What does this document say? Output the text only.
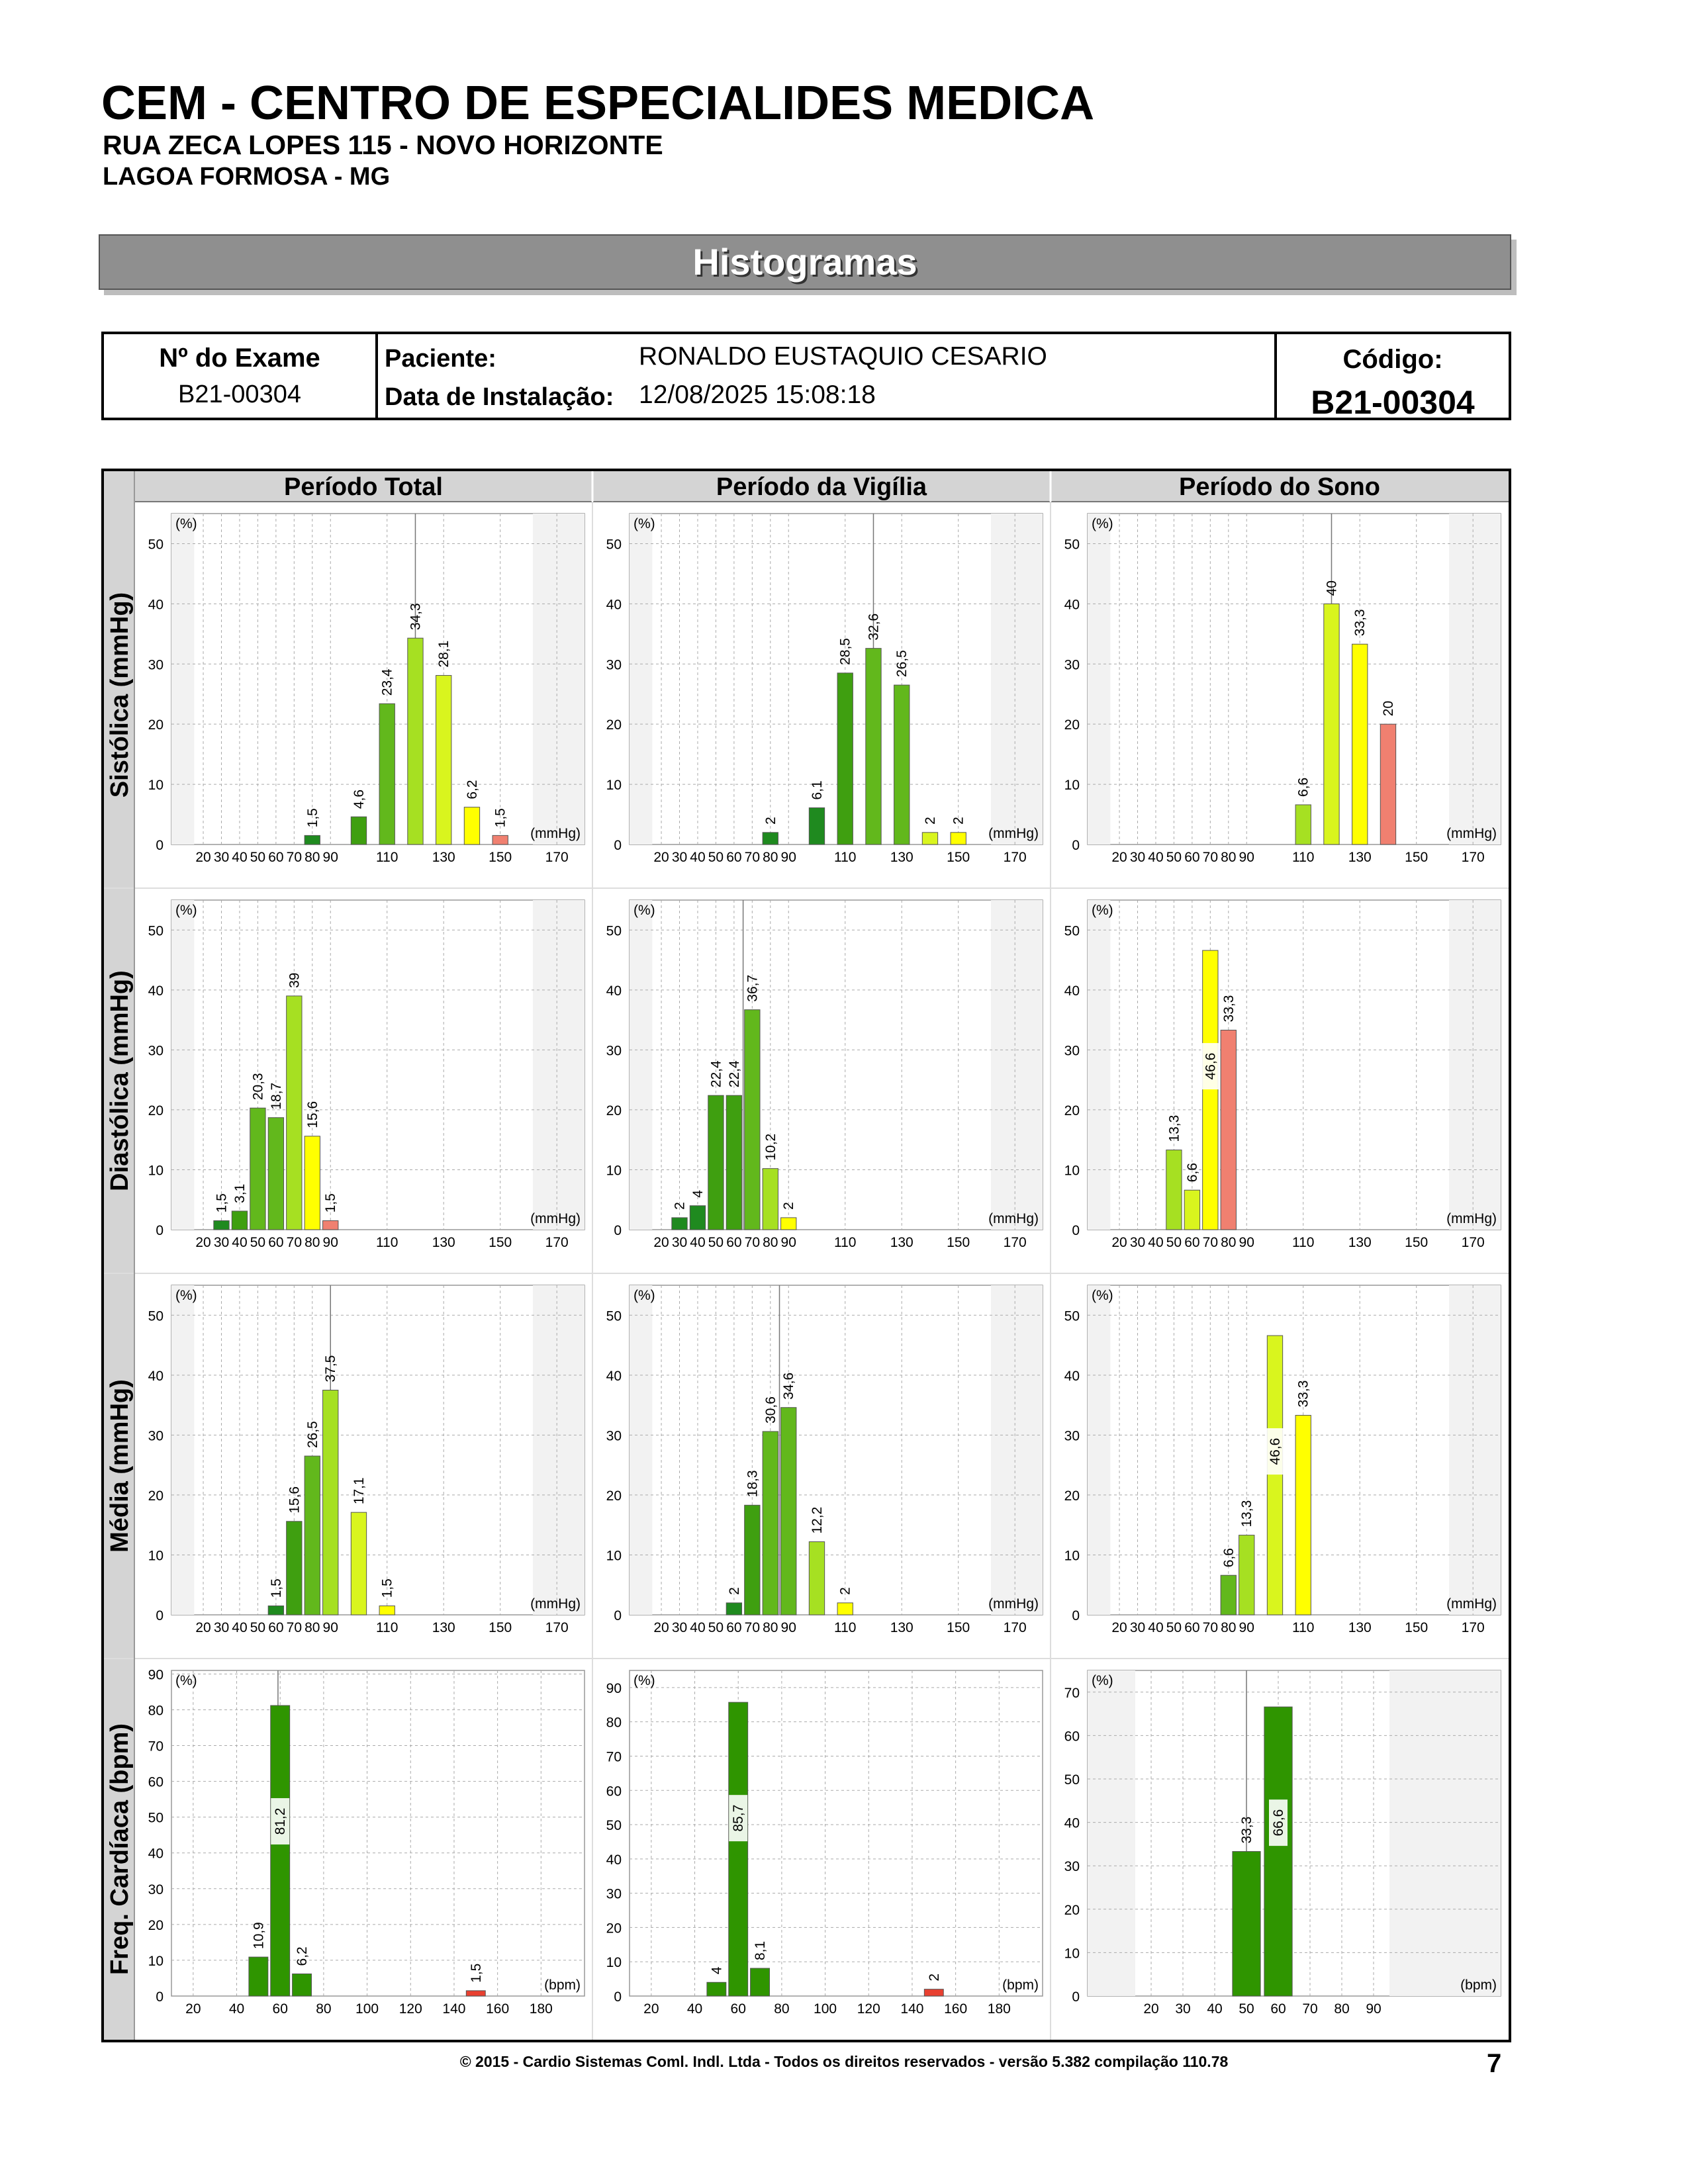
CEM - CENTRO DE ESPECIALIDES MEDICA
RUA ZECA LOPES 115 - NOVO HORIZONTE
LAGOA FORMOSA - MG
Histogramas
Nº do Exame
B21-00304
Paciente:	RONALDO EUSTAQUIO CESARIO
Data de Instalação: 12/08/2025 15:08:18
Código:
B21-00304
Período Total	Período da Vigília	Período do Sono
Sistólica (mmHg)
Diastólica (mmHg)
Média (mmHg)
Freq. Cardíaca (bpm)
0
10
20
30
40
50
20 30 40 50 60 70 80 90	110 130 150 170
(%)
(mmHg)
1,5
4,6
23,4
34,3
28,1
6,2
1,5
0
10
20
30
40
50
20 30 40 50 60 70 80 90	110 130 150 170
(%)
(mmHg)
2
6,1
28,5
32,6
26,5
2 2
0
10
20
30
40
50
20 30 40 50 60 70 80 90	110 130 150 170
(%)
(mmHg)
6,6
40
33,3
20
0
10
20
30
40
50
20 30 40 50 60 70 80 90	110 130 150 170
(%)
(mmHg)
1,5 3,1
20,3 18,7
39
15,6
1,5
0
10
20
30
40
50
20 30 40 50 60 70 80 90	110 130 150 170
(%)
(mmHg)
2
4
22,4 22,4
36,7
10,2
2
0
10
20
30
40
50
20 30 40 50 60 70 80 90	110 130 150 170
(%)
(mmHg)
13,3
6,6
46,6
33,3
0
10
20
30
40
50
20 30 40 50 60 70 80 90	110 130 150 170
(%)
(mmHg)
1,5
15,6
26,5
37,5
17,1
1,5
0
10
20
30
40
50
20 30 40 50 60 70 80 90	110 130 150 170
(%)
(mmHg)
2
18,3
30,6
34,6
12,2
2
0
10
20
30
40
50
20 30 40 50 60 70 80 90	110 130 150 170
(%)
(mmHg)
6,6
13,3
46,6
33,3
0
10
20
30
40
50
60
70
80
90
20 40 60 80 100 120 140 160 180
(%)
(bpm)
10,9
81,2
6,2
1,5
0
10
20
30
40
50
60
70
80
90
20 40 60 80 100 120 140 160 180
(%)
(bpm)
4
85,7
8,1
2
0
10
20
30
40
50
60
70
20 30 40 50 60 70 80 90
(%)
(bpm)
33,3 66,6
© 2015 - Cardio Sistemas Coml. Indl. Ltda - Todos os direitos reservados - versão 5.382 compilação 110.78	7
